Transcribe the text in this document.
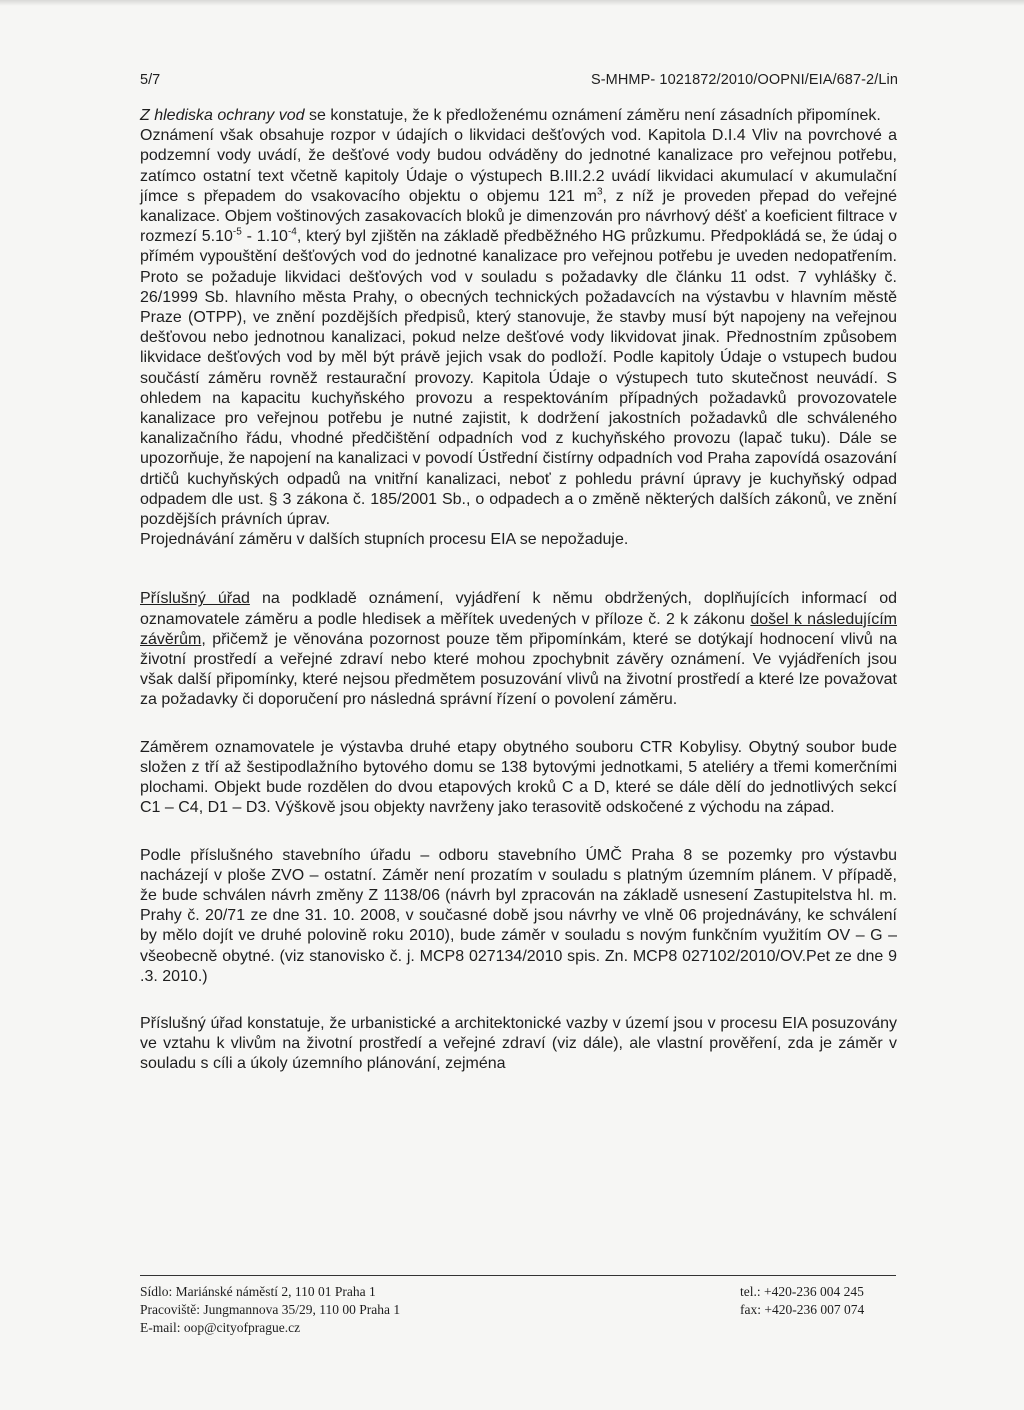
5/7	S-MHMP- 1021872/2010/OOPNI/EIA/687-2/Lin

Z hlediska ochrany vod se konstatuje, že k předloženému oznámení záměru není zásadních připomínek.

Oznámení však obsahuje rozpor v údajích o likvidaci dešťových vod. Kapitola D.I.4 Vliv na povrchové a podzemní vody uvádí, že dešťové vody budou odváděny do jednotné kanalizace pro veřejnou potřebu, zatímco ostatní text včetně kapitoly Údaje o výstupech B.III.2.2 uvádí likvidaci akumulací v akumulační jímce s přepadem do vsakovacího objektu o objemu 121 $m^3$, z níž je proveden přepad do veřejné kanalizace. Objem voštinových zasakovacích bloků je dimenzován pro návrhový déšť a koeficient filtrace v rozmezí $5.10^{-5} - 1.10^{-4}$, který byl zjištěn na základě předběžného HG průzkumu. Předpokládá se, že údaj o přímém vypouštění dešťových vod do jednotné kanalizace pro veřejnou potřebu je uveden nedopatřením. Proto se požaduje likvidaci dešťových vod v souladu s požadavky dle článku 11 odst. 7 vyhlášky č. 26/1999 Sb. hlavního města Prahy, o obecných technických požadavcích na výstavbu v hlavním městě Praze (OTPP), ve znění pozdějších předpisů, který stanovuje, že stavby musí být napojeny na veřejnou dešťovou nebo jednotnou kanalizaci, pokud nelze dešťové vody likvidovat jinak. Přednostním způsobem likvidace dešťových vod by měl být právě jejich vsak do podloží. Podle kapitoly Údaje o vstupech budou součástí záměru rovněž restaurační provozy. Kapitola Údaje o výstupech tuto skutečnost neuvádí. S ohledem na kapacitu kuchyňského provozu a respektováním případných požadavků provozovatele kanalizace pro veřejnou potřebu je nutné zajistit, k dodržení jakostních požadavků dle schváleného kanalizačního řádu, vhodné předčištění odpadních vod z kuchyňského provozu (lapač tuku). Dále se upozorňuje, že napojení na kanalizaci v povodí Ústřední čistírny odpadních vod Praha zapovídá osazování drtičů kuchyňských odpadů na vnitřní kanalizaci, neboť z pohledu právní úpravy je kuchyňský odpad odpadem dle ust. § 3 zákona č. 185/2001 Sb., o odpadech a o změně některých dalších zákonů, ve znění pozdějších právních úprav.

Projednávání záměru v dalších stupních procesu EIA se nepožaduje.

Příslušný úřad na podkladě oznámení, vyjádření k němu obdržených, doplňujících informací od oznamovatele záměru a podle hledisek a měřítek uvedených v příloze č. 2 k zákonu došel k následujícím závěrům, přičemž je věnována pozornost pouze těm připomínkám, které se dotýkají hodnocení vlivů na životní prostředí a veřejné zdraví nebo které mohou zpochybnit závěry oznámení. Ve vyjádřeních jsou však další připomínky, které nejsou předmětem posuzování vlivů na životní prostředí a které lze považovat za požadavky či doporučení pro následná správní řízení o povolení záměru.

Záměrem oznamovatele je výstavba druhé etapy obytného souboru CTR Kobylisy. Obytný soubor bude složen z tří až šestipodlažního bytového domu se 138 bytovými jednotkami, 5 ateliéry a třemi komerčními plochami. Objekt bude rozdělen do dvou etapových kroků C a D, které se dále dělí do jednotlivých sekcí C1 – C4, D1 – D3. Výškově jsou objekty navrženy jako terasovitě odskočené z východu na západ.

Podle příslušného stavebního úřadu – odboru stavebního ÚMČ Praha 8 se pozemky pro výstavbu nacházejí v ploše ZVO – ostatní. Záměr není prozatím v souladu s platným územním plánem. V případě, že bude schválen návrh změny Z 1138/06 (návrh byl zpracován na základě usnesení Zastupitelstva hl. m. Prahy č. 20/71 ze dne 31. 10. 2008, v současné době jsou návrhy ve vlně 06 projednávány, ke schválení by mělo dojít ve druhé polovině roku 2010), bude záměr v souladu s novým funkčním využitím OV – G – všeobecně obytné. (viz stanovisko č. j. MCP8 027134/2010 spis. Zn. MCP8 027102/2010/OV.Pet ze dne 9 .3. 2010.)

Příslušný úřad konstatuje, že urbanistické a architektonické vazby v území jsou v procesu EIA posuzovány ve vztahu k vlivům na životní prostředí a veřejné zdraví (viz dále), ale vlastní prověření, zda je záměr v souladu s cíli a úkoly územního plánování, zejména

Sídlo: Mariánské náměstí 2, 110 01 Praha 1
Pracoviště: Jungmannova 35/29, 110 00 Praha 1
E-mail: oop@cityofprague.cz
tel.: +420-236 004 245
fax: +420-236 007 074
